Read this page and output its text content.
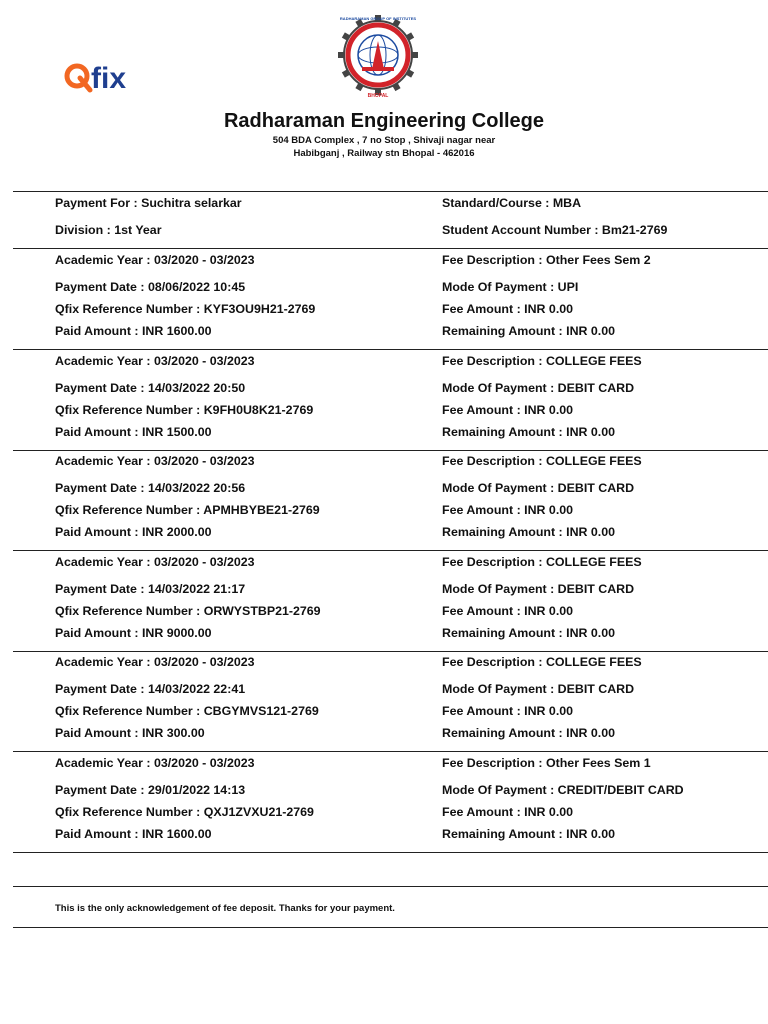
fix
BHOPAL
RADHARAMAN GROUP OF INSTITUTES
Radharaman Engineering College
504 BDA Complex , 7 no Stop , Shivaji nagar near
Habibganj , Railway stn Bhopal - 462016
Payment For : Suchitra selarkar	Standard/Course : MBA
Division : 1st Year	Student Account Number : Bm21-2769
Academic Year : 03/2020 - 03/2023	Fee Description : Other Fees Sem 2
Payment Date : 08/06/2022 10:45	Mode Of Payment : UPI
Qfix Reference Number : KYF3OU9H21-2769	Fee Amount : INR 0.00
Paid Amount : INR 1600.00	Remaining Amount : INR 0.00
Academic Year : 03/2020 - 03/2023	Fee Description : COLLEGE FEES
Payment Date : 14/03/2022 20:50	Mode Of Payment : DEBIT CARD
Qfix Reference Number : K9FH0U8K21-2769	Fee Amount : INR 0.00
Paid Amount : INR 1500.00	Remaining Amount : INR 0.00
Academic Year : 03/2020 - 03/2023	Fee Description : COLLEGE FEES
Payment Date : 14/03/2022 20:56	Mode Of Payment : DEBIT CARD
Qfix Reference Number : APMHBYBE21-2769	Fee Amount : INR 0.00
Paid Amount : INR 2000.00	Remaining Amount : INR 0.00
Academic Year : 03/2020 - 03/2023	Fee Description : COLLEGE FEES
Payment Date : 14/03/2022 21:17	Mode Of Payment : DEBIT CARD
Qfix Reference Number : ORWYSTBP21-2769	Fee Amount : INR 0.00
Paid Amount : INR 9000.00	Remaining Amount : INR 0.00
Academic Year : 03/2020 - 03/2023	Fee Description : COLLEGE FEES
Payment Date : 14/03/2022 22:41	Mode Of Payment : DEBIT CARD
Qfix Reference Number : CBGYMVS121-2769	Fee Amount : INR 0.00
Paid Amount : INR 300.00	Remaining Amount : INR 0.00
Academic Year : 03/2020 - 03/2023	Fee Description : Other Fees Sem 1
Payment Date : 29/01/2022 14:13	Mode Of Payment : CREDIT/DEBIT CARD
Qfix Reference Number : QXJ1ZVXU21-2769	Fee Amount : INR 0.00
Paid Amount : INR 1600.00	Remaining Amount : INR 0.00
This is the only acknowledgement of fee deposit. Thanks for your payment.
